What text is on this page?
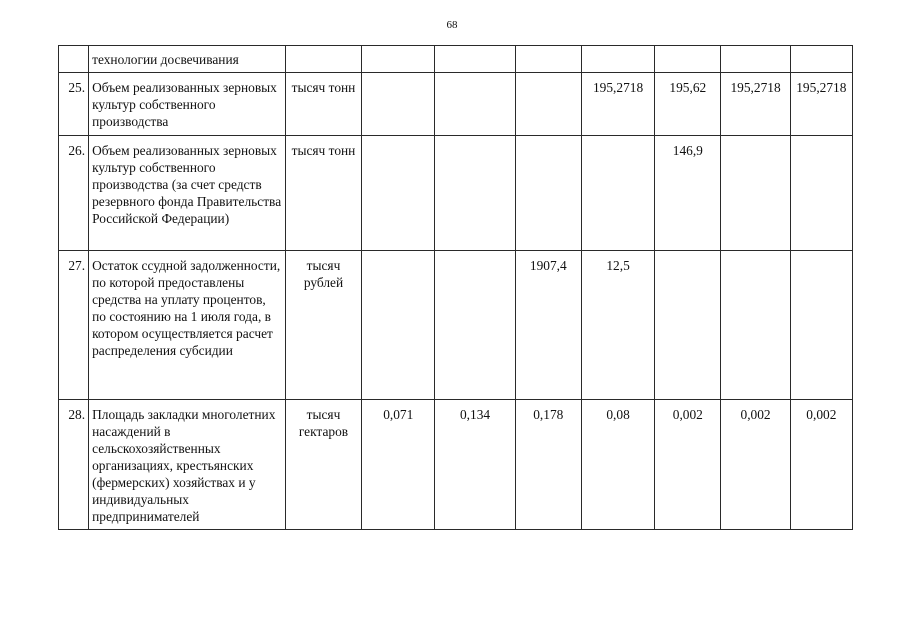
68
	технологии досвечивания								
25.	Объем реализованных зерновых культур собственного производства	тысяч тонн				195,2718	195,62	195,2718	195,2718
26.	Объем реализованных зерновых культур собственного производства (за счет средств резервного фонда Правительства Российской Федерации)	тысяч тонн					146,9		
27.	Остаток ссудной задолженности, по которой предоставлены средства на уплату процентов, по состоянию на 1 июля года, в котором осуществляется расчет распределения субсидии	тысяч рублей			1907,4	12,5			
28.	Площадь закладки многолетних насаждений в сельскохозяйственных организациях, крестьянских (фермерских) хозяйствах и у индивидуальных предпринимателей	тысяч гектаров	0,071	0,134	0,178	0,08	0,002	0,002	0,002
